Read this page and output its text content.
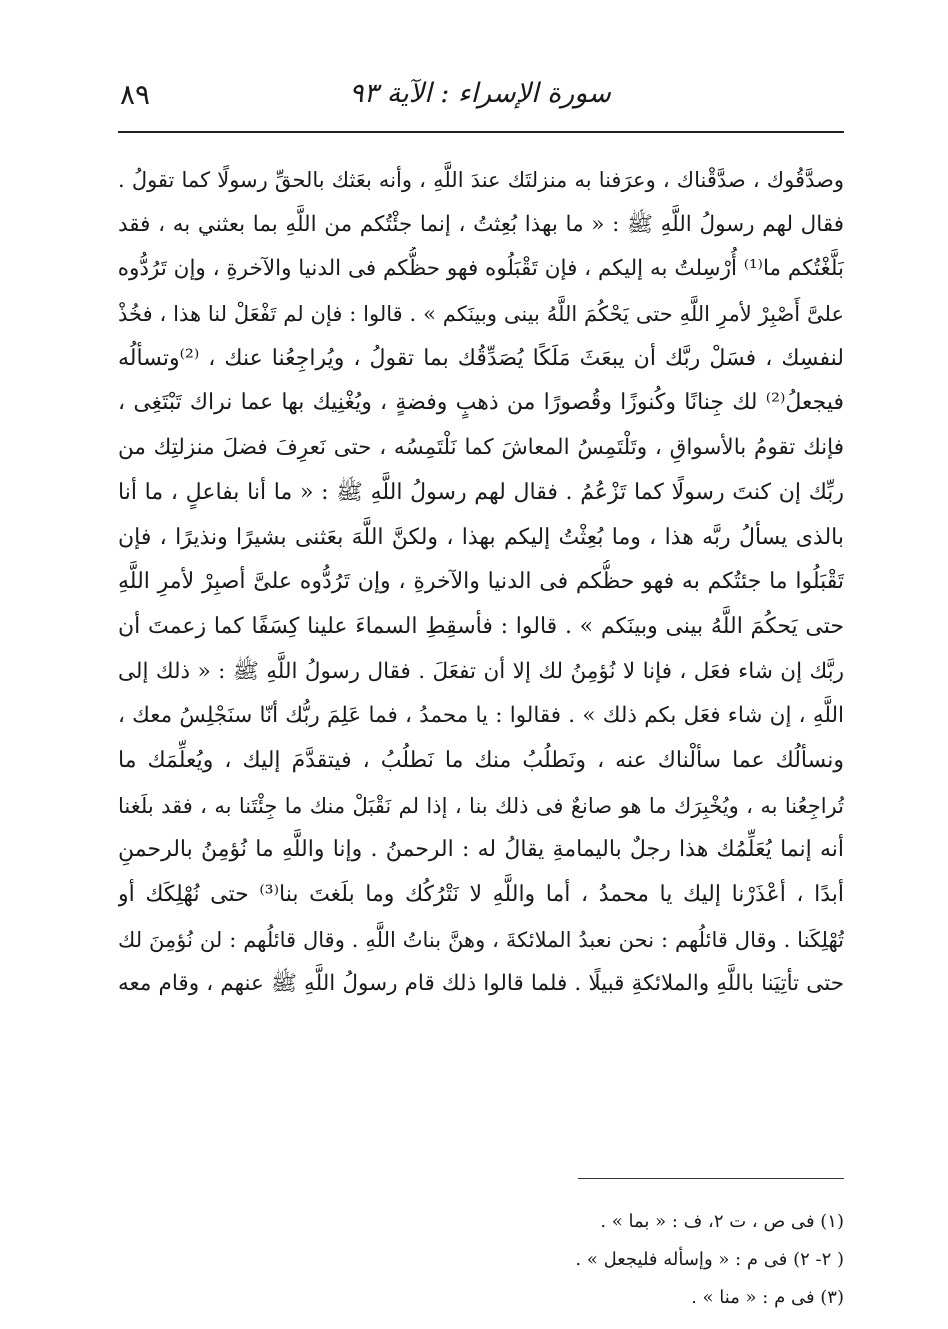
سورة الإسراء : الآية ٩٣
٨٩
وصدَّقُوك ، صدَّقْناك ، وعرَفنا به منزلتَك عندَ اللَّهِ ، وأنه بعَثك بالحقِّ رسولًا كما تقولُ .
فقال لهم رسولُ اللَّهِ ﷺ : « ما بهذا بُعِثتُ ، إنما جئْتُكم من اللَّهِ بما بعثني به ، فقد
بَلَّغْتُكم ما⁽¹⁾ أُرْسِلتُ به إليكم ، فإن تَقْبَلُوه فهو حظُّكم فى الدنيا والآخرةِ ، وإن تَرُدُّوه
علىَّ أَصْبِرْ لأمرِ اللَّهِ حتى يَحْكُمَ اللَّهُ بينى وبينَكم » . قالوا : فإن لم تَفْعَلْ لنا هذا ، فخُذْ
لنفسِك ، فسَلْ ربَّك أن يبعَثَ مَلَكًا يُصَدِّقُك بما تقولُ ، ويُراجِعُنا عنك ، ⁽²⁾وتسألُه
فيجعلُ⁽²⁾ لك جِنانًا وكُنوزًا وقُصورًا من ذهبٍ وفضةٍ ، ويُغْنِيك بها عما نراك تَبْتَغِى ،
فإنك تقومُ بالأسواقِ ، وتَلْتَمِسُ المعاشَ كما نَلْتَمِسُه ، حتى نَعرِفَ فضلَ منزلتِك من
ربِّك إن كنتَ رسولًا كما تَزْعُمُ . فقال لهم رسولُ اللَّهِ ﷺ : « ما أنا بفاعلٍ ، ما أنا
بالذى يسألُ ربَّه هذا ، وما بُعِثْتُ إليكم بهذا ، ولكنَّ اللَّهَ بعَثنى بشيرًا ونذيرًا ، فإن
تَقْبَلُوا ما جئتُكم به فهو حظُّكم فى الدنيا والآخرةِ ، وإن تَرُدُّوه علىَّ أصبِرْ لأمرِ اللَّهِ
حتى يَحكُمَ اللَّهُ بينى وبينَكم » . قالوا : فأسقِطِ السماءَ علينا كِسَفًا كما زعمتَ أن
ربَّك إن شاء فعَل ، فإنا لا نُؤمِنُ لك إلا أن تفعَلَ . فقال رسولُ اللَّهِ ﷺ : « ذلك إلى
اللَّهِ ، إن شاء فعَل بكم ذلك » . فقالوا : يا محمدُ ، فما عَلِمَ ربُّك أنّا سنَجْلِسُ معك ،
ونسألُك عما سألْناك عنه ، ونَطلُبُ منك ما نَطلُبُ ، فيتقدَّمَ إليك ، ويُعلِّمَك ما
تُراجِعُنا به ، ويُخْبِرَك ما هو صانعٌ فى ذلك بنا ، إذا لم نَقْبَلْ منك ما جِئْتَنا به ، فقد بلَغنا
أنه إنما يُعَلِّمُك هذا رجلٌ باليمامةِ يقالُ له : الرحمنُ . وإنا واللَّهِ ما نُؤمِنُ بالرحمنِ
أبدًا ، أعْذَرْنا إليك يا محمدُ ، أما واللَّهِ لا نَتْرُكُك وما بلَغتَ بنا⁽³⁾ حتى نُهْلِكَك أو
تُهْلِكَنا . وقال قائلُهم : نحن نعبدُ الملائكةَ ، وهنَّ بناتُ اللَّهِ . وقال قائلُهم : لن نُؤمِنَ لك
حتى تأتِيَنا باللَّهِ والملائكةِ قبيلًا . فلما قالوا ذلك قام رسولُ اللَّهِ ﷺ عنهم ، وقام معه
(١) فى ص ، ت ٢، ف : « بما » .
( ٢- ٢) فى م : « وإسأله فليجعل » .
(٣) فى م : « منا » .
